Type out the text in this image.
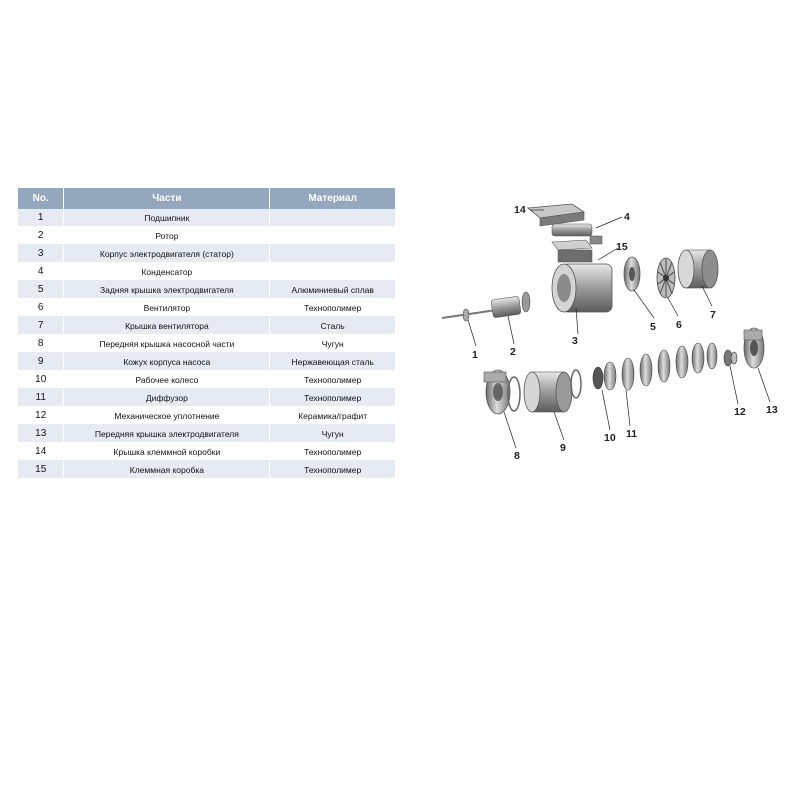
No.	Части	Материал
1	Подшипник	
2	Ротор	
3	Корпус электродвигателя (статор)	
4	Конденсатор	
5	Задняя крышка электродвигателя	Алюминиевый сплав
6	Вентилятор	Технополимер
7	Крышка вентилятора	Сталь
8	Передняя крышка насосной части	Чугун
9	Кожух корпуса насоса	Нержавеющая сталь
10	Рабочее колесо	Технополимер
11	Диффузор	Технополимер
12	Механическое уплотнение	Керамика/графит
13	Передняя крышка электродвигателя	Чугун
14	Крышка клеммной коробки	Технополимер
15	Клеммная коробка	Технополимер
14
4
15
3
1	2
5 6
7
8
9
10 11
12 13
